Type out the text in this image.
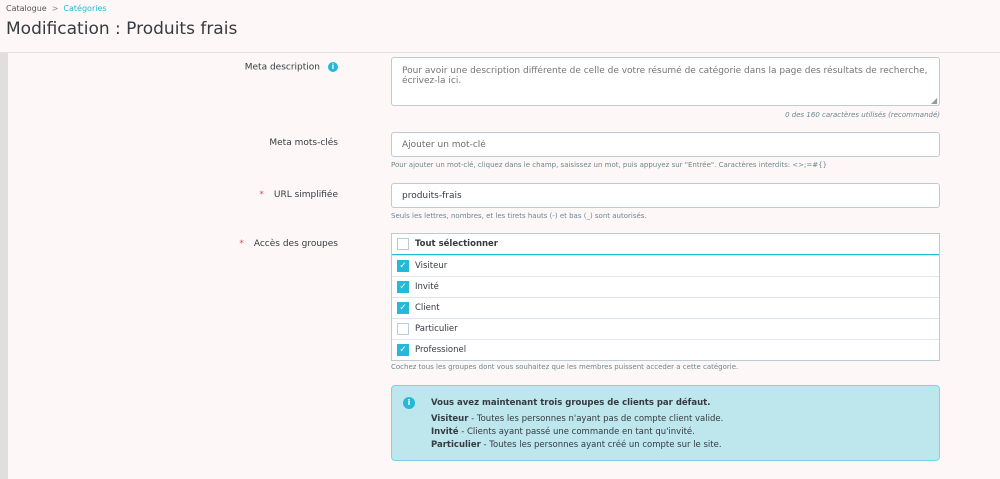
Catalogue > Catégories
Modification : Produits frais
Meta description i
Pour avoir une description différente de celle de votre résumé de catégorie dans la page des résultats de recherche, écrivez-la ici.
◢
0 des 160 caractères utilisés (recommandé)
Meta mots-clés
Ajouter un mot-clé
Pour ajouter un mot-clé, cliquez dans le champ, saisissez un mot, puis appuyez sur "Entrée". Caractères interdits: <>;=#{}
* URL simplifiée
produits-frais
Seuls les lettres, nombres, et les tirets hauts (-) et bas (_) sont autorisés.
* Accès des groupes	Tout sélectionner
✓ Visiteur
✓ Invité
✓ Client
Particulier
✓ Professionel
Cochez tous les groupes dont vous souhaitez que les membres puissent acceder a cette catégorie.
i	Vous avez maintenant trois groupes de clients par défaut.
Visiteur - Toutes les personnes n'ayant pas de compte client valide.
Invité - Clients ayant passé une commande en tant qu'invité.
Particulier - Toutes les personnes ayant créé un compte sur le site.
